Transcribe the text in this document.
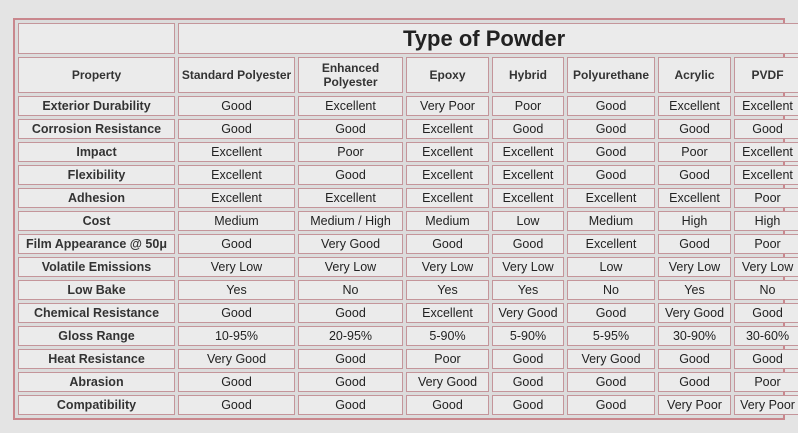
	Type of Powder						
Property	Standard Polyester	Enhanced Polyester	Epoxy	Hybrid	Polyurethane	Acrylic	PVDF
Exterior Durability	Good	Excellent	Very Poor	Poor	Good	Excellent	Excellent
Corrosion Resistance	Good	Good	Excellent	Good	Good	Good	Good
Impact	Excellent	Poor	Excellent	Excellent	Good	Poor	Excellent
Flexibility	Excellent	Good	Excellent	Excellent	Good	Good	Excellent
Adhesion	Excellent	Excellent	Excellent	Excellent	Excellent	Excellent	Poor
Cost	Medium	Medium / High	Medium	Low	Medium	High	High
Film Appearance @ 50μ	Good	Very Good	Good	Good	Excellent	Good	Poor
Volatile Emissions	Very Low	Very Low	Very Low	Very Low	Low	Very Low	Very Low
Low Bake	Yes	No	Yes	Yes	No	Yes	No
Chemical Resistance	Good	Good	Excellent	Very Good	Good	Very Good	Good
Gloss Range	10-95%	20-95%	5-90%	5-90%	5-95%	30-90%	30-60%
Heat Resistance	Very Good	Good	Poor	Good	Very Good	Good	Good
Abrasion	Good	Good	Very Good	Good	Good	Good	Poor
Compatibility	Good	Good	Good	Good	Good	Very Poor	Very Poor
